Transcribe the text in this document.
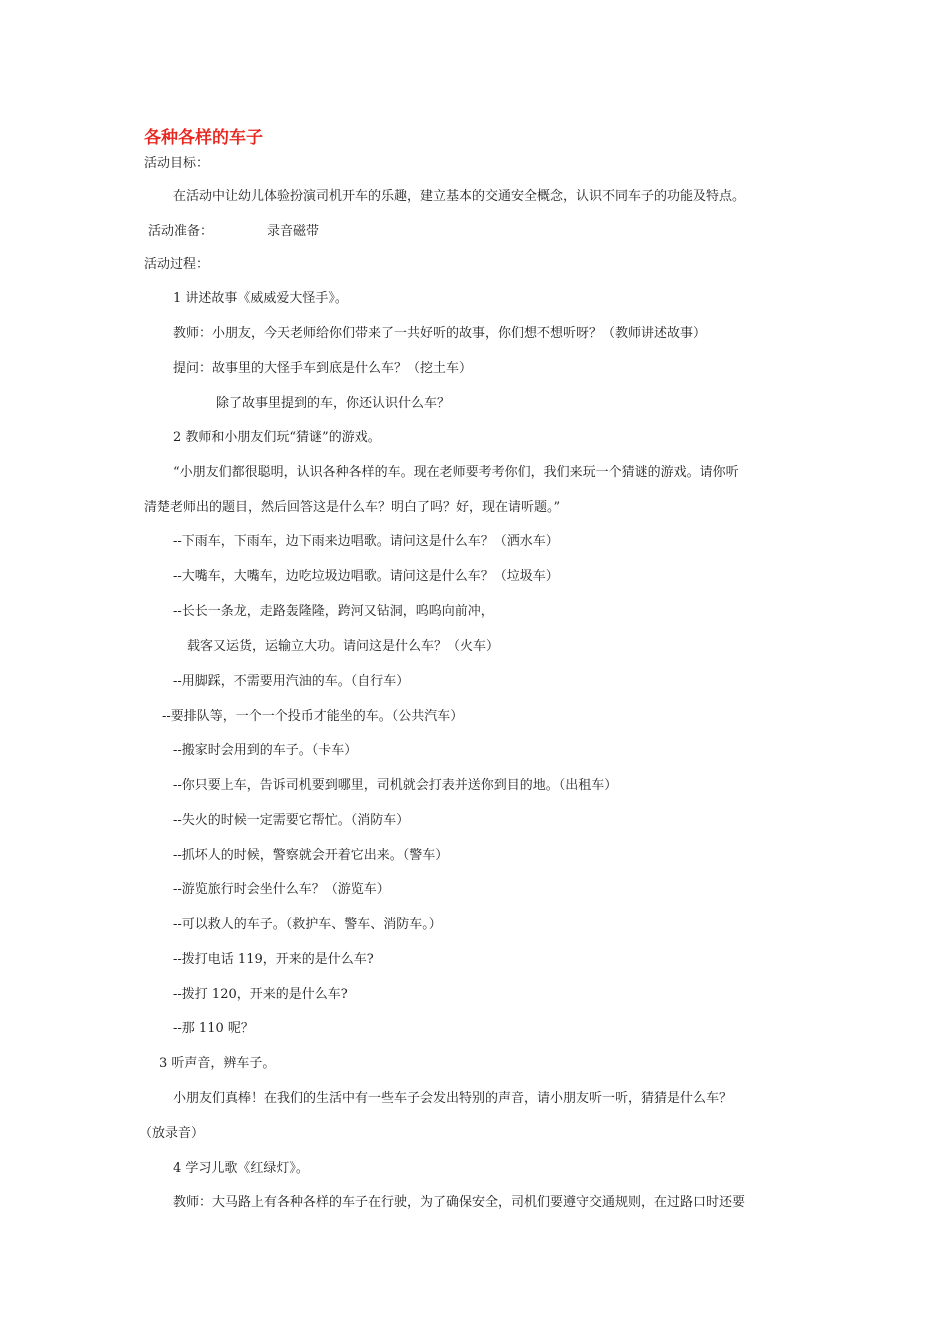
各种各样的车子
活动目标：
在活动中让幼儿体验扮演司机开车的乐趣，建立基本的交通安全概念，认识不同车子的功能及特点。
活动准备：	录音磁带
活动过程：
1 讲述故事《威威爱大怪手》。
教师：小朋友，今天老师给你们带来了一共好听的故事，你们想不想听呀？（教师讲述故事）
提问：故事里的大怪手车到底是什么车？（挖土车）
除了故事里提到的车，你还认识什么车？
2 教师和小朋友们玩“猜谜”的游戏。
“小朋友们都很聪明，认识各种各样的车。现在老师要考考你们，我们来玩一个猜谜的游戏。请你听
清楚老师出的题目，然后回答这是什么车？明白了吗？好，现在请听题。”
--下雨车，下雨车，边下雨来边唱歌。请问这是什么车？（洒水车）
--大嘴车，大嘴车，边吃垃圾边唱歌。请问这是什么车？（垃圾车）
--长长一条龙，走路轰隆隆，跨河又钻洞，呜呜向前冲，
载客又运货，运输立大功。请问这是什么车？（火车）
--用脚踩，不需要用汽油的车。（自行车）
--要排队等，一个一个投币才能坐的车。（公共汽车）
--搬家时会用到的车子。（卡车）
--你只要上车，告诉司机要到哪里，司机就会打表并送你到目的地。（出租车）
--失火的时候一定需要它帮忙。（消防车）
--抓坏人的时候，警察就会开着它出来。（警车）
--游览旅行时会坐什么车？（游览车）
--可以救人的车子。（救护车、警车、消防车。）
--拨打电话 119，开来的是什么车?
--拨打 120，开来的是什么车?
--那 110 呢？
3 听声音，辨车子。
小朋友们真棒！在我们的生活中有一些车子会发出特别的声音，请小朋友听一听，猜猜是什么车？
（放录音）
4 学习儿歌《红绿灯》。
教师：大马路上有各种各样的车子在行驶，为了确保安全，司机们要遵守交通规则，在过路口时还要
